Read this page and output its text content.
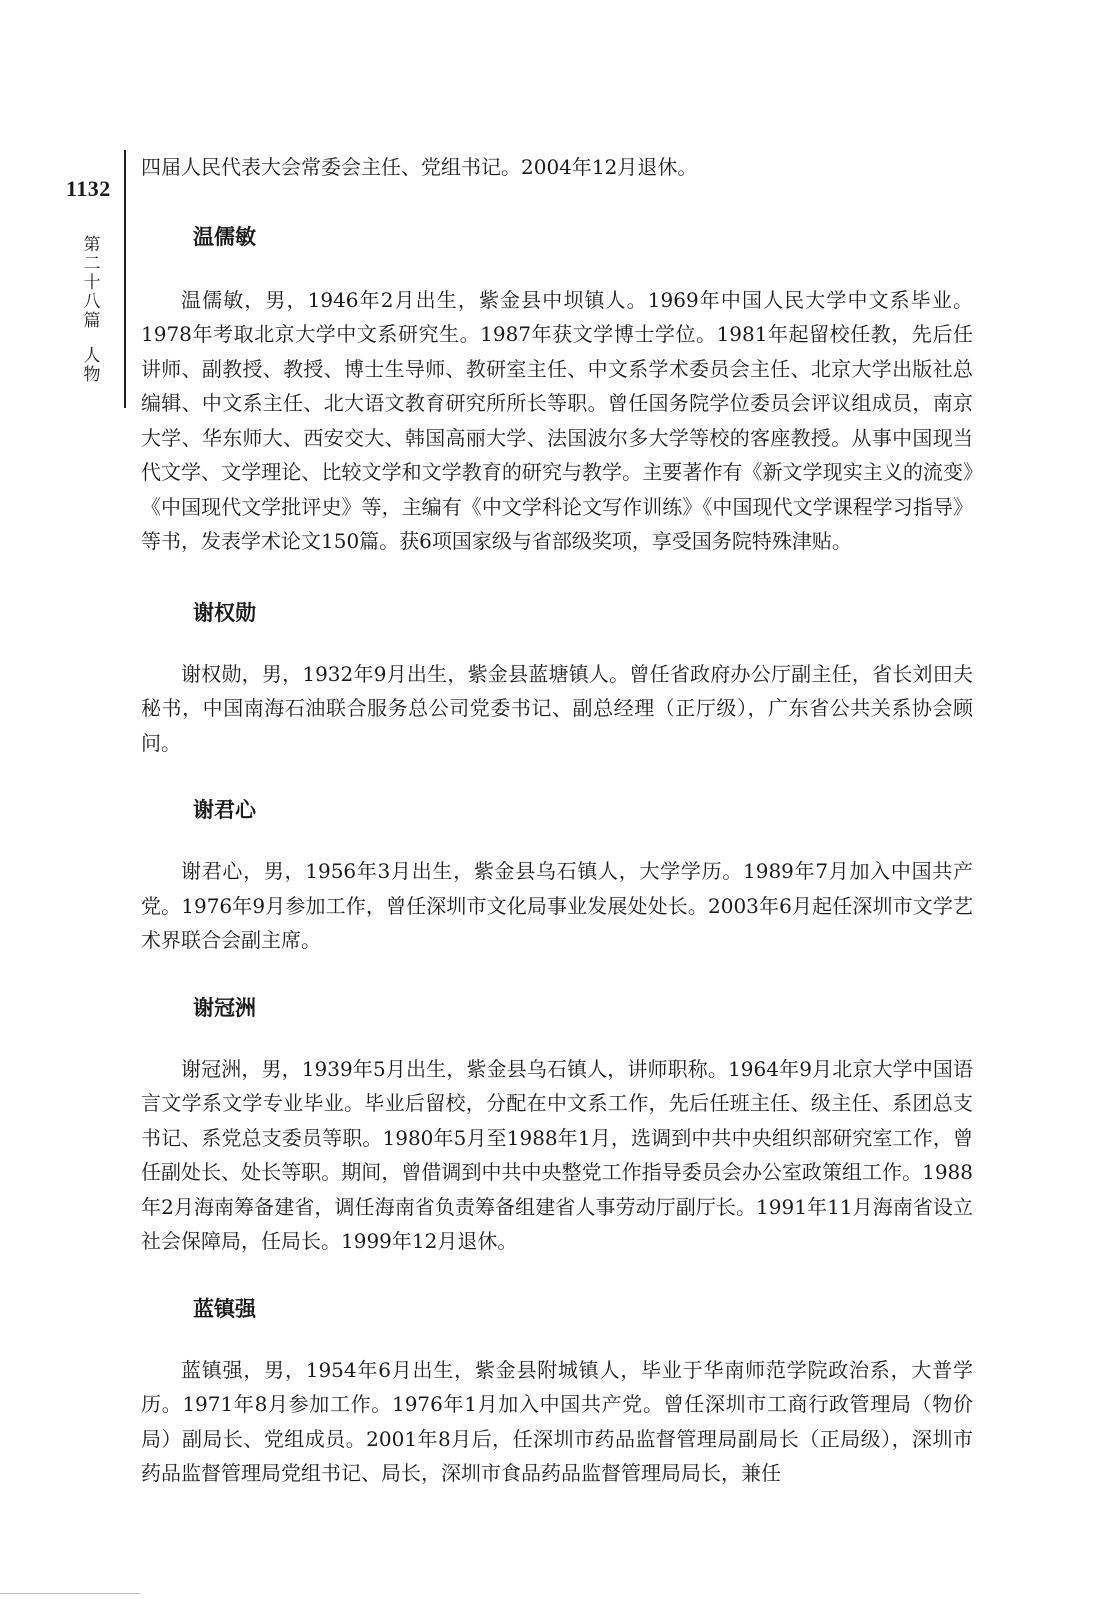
1132
第二十八篇
人物

四届人民代表大会常委会主任、党组书记。2004年12月退休。

温儒敏

温儒敏，男，1946年2月出生，紫金县中坝镇人。1969年中国人民大学中文系毕业。1978年考取北京大学中文系研究生。1987年获文学博士学位。1981年起留校任教，先后任讲师、副教授、教授、博士生导师、教研室主任、中文系学术委员会主任、北京大学出版社总编辑、中文系主任、北大语文教育研究所所长等职。曾任国务院学位委员会评议组成员，南京大学、华东师大、西安交大、韩国高丽大学、法国波尔多大学等校的客座教授。从事中国现当代文学、文学理论、比较文学和文学教育的研究与教学。主要著作有《新文学现实主义的流变》《中国现代文学批评史》等，主编有《中文学科论文写作训练》《中国现代文学课程学习指导》等书，发表学术论文150篇。获6项国家级与省部级奖项，享受国务院特殊津贴。

谢权勋

谢权勋，男，1932年9月出生，紫金县蓝塘镇人。曾任省政府办公厅副主任，省长刘田夫秘书，中国南海石油联合服务总公司党委书记、副总经理（正厅级），广东省公共关系协会顾问。

谢君心

谢君心，男，1956年3月出生，紫金县乌石镇人，大学学历。1989年7月加入中国共产党。1976年9月参加工作，曾任深圳市文化局事业发展处处长。2003年6月起任深圳市文学艺术界联合会副主席。

谢冠洲

谢冠洲，男，1939年5月出生，紫金县乌石镇人，讲师职称。1964年9月北京大学中国语言文学系文学专业毕业。毕业后留校，分配在中文系工作，先后任班主任、级主任、系团总支书记、系党总支委员等职。1980年5月至1988年1月，选调到中共中央组织部研究室工作，曾任副处长、处长等职。期间，曾借调到中共中央整党工作指导委员会办公室政策组工作。1988年2月海南筹备建省，调任海南省负责筹备组建省人事劳动厅副厅长。1991年11月海南省设立社会保障局，任局长。1999年12月退休。

蓝镇强

蓝镇强，男，1954年6月出生，紫金县附城镇人，毕业于华南师范学院政治系，大普学历。1971年8月参加工作。1976年1月加入中国共产党。曾任深圳市工商行政管理局（物价局）副局长、党组成员。2001年8月后，任深圳市药品监督管理局副局长（正局级），深圳市药品监督管理局党组书记、局长，深圳市食品药品监督管理局局长，兼任
